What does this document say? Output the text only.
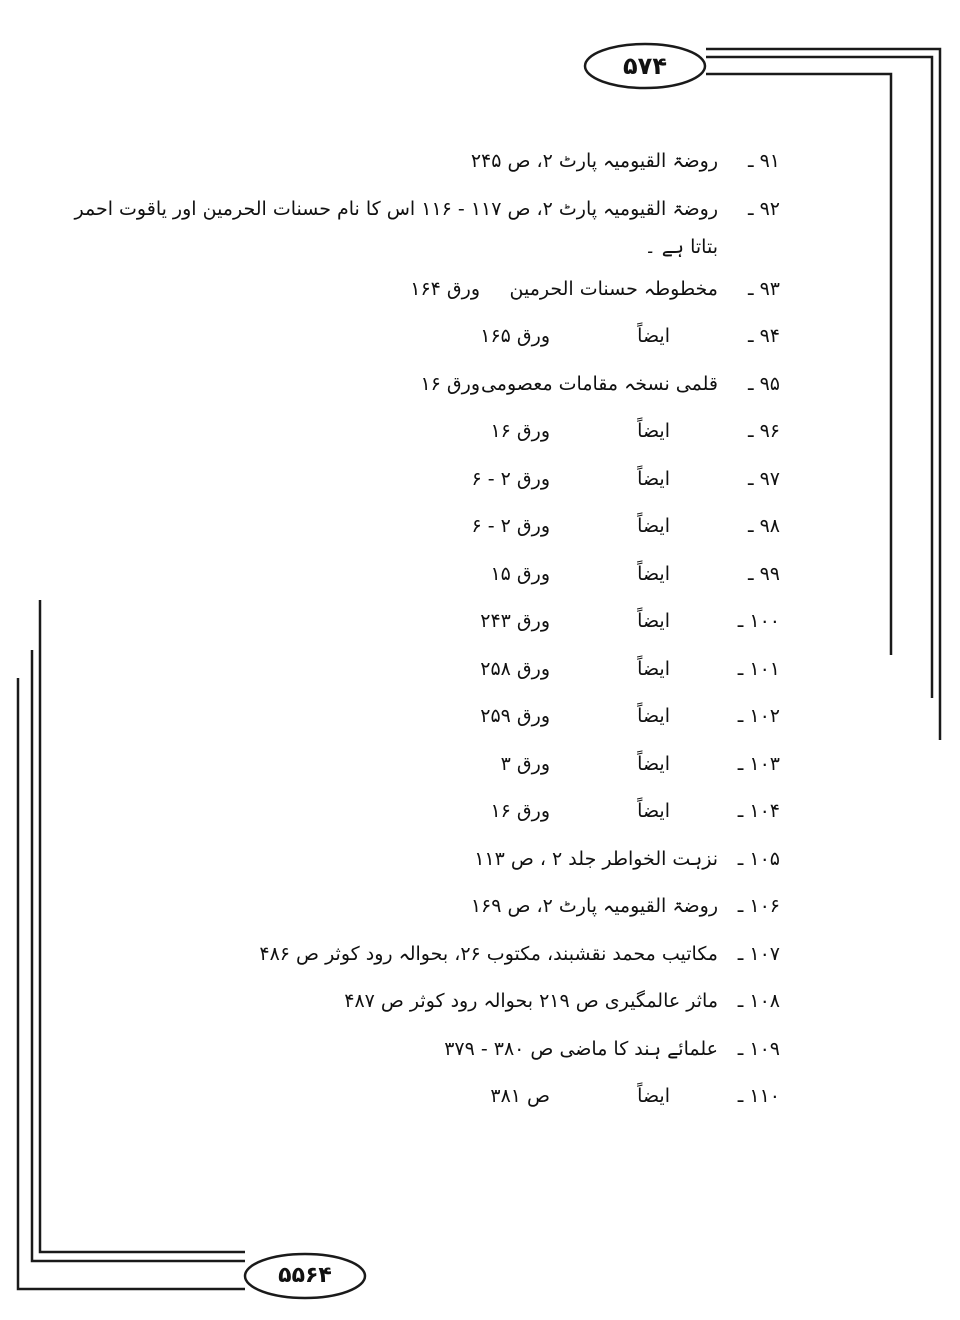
۵۷۴
۵۵۶۴
۹۱ ـ
روضۃ القیومیہ پارٹ ۲، ص ۲۴۵
۹۲ ـ
روضۃ القیومیہ پارٹ ۲، ص ۱۱۷ - ۱۱۶ اس کا نام حسنات الحرمین اور یاقوت احمر
بتاتا ہے ۔
۹۳ ـ
مخطوطہ حسنات الحرمین
ورق ۱۶۴
۹۴ ـ
ایضاً
ورق ۱۶۵
۹۵ ـ
قلمی نسخہ مقامات معصومی
ورق ۱۶
۹۶ ـ
ایضاً
ورق ۱۶
۹۷ ـ
ایضاً
ورق ۲ - ۶
۹۸ ـ
ایضاً
ورق ۲ - ۶
۹۹ ـ
ایضاً
ورق ۱۵
۱۰۰ ـ
ایضاً
ورق ۲۴۳
۱۰۱ ـ
ایضاً
ورق ۲۵۸
۱۰۲ ـ
ایضاً
ورق ۲۵۹
۱۰۳ ـ
ایضاً
ورق ۳
۱۰۴ ـ
ایضاً
ورق ۱۶
۱۰۵ ـ
نزہت الخواطر جلد ۲ ، ص ۱۱۳
۱۰۶ ـ
روضۃ القیومیہ پارٹ ۲، ص ۱۶۹
۱۰۷ ـ
مکاتیب محمد نقشبند، مکتوب ۲۶، بحوالہ رود کوثر ص ۴۸۶
۱۰۸ ـ
ماثر عالمگیری ص ۲۱۹ بحوالہ رود کوثر ص ۴۸۷
۱۰۹ ـ
علمائے ہند کا ماضی ص ۳۸۰ - ۳۷۹
۱۱۰ ـ
ایضاً
ص ۳۸۱
